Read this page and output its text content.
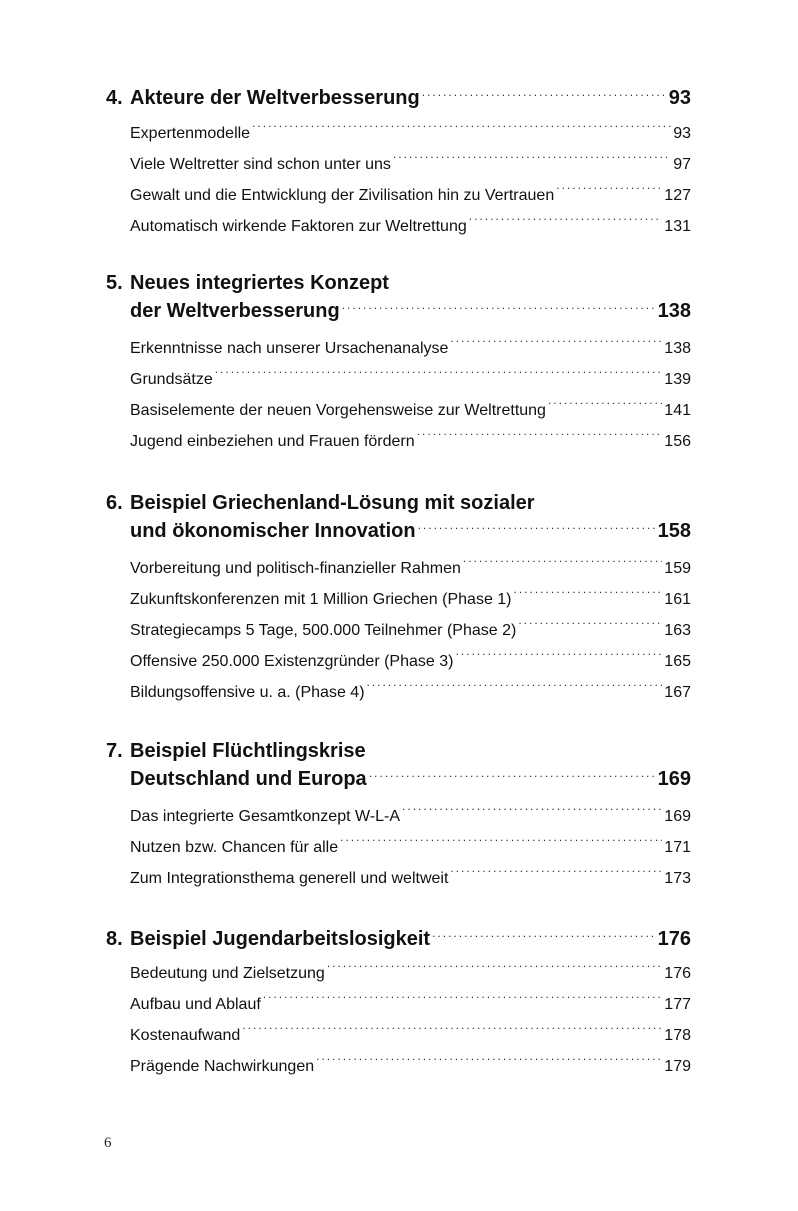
4. Akteure der Weltverbesserung .....	93
Expertenmodelle .....	93
Viele Weltretter sind schon unter uns .....	97
Gewalt und die Entwicklung der Zivilisation hin zu Vertrauen .....	127
Automatisch wirkende Faktoren zur Weltrettung .....	131
5. Neues integriertes Konzept
der Weltverbesserung .....	138
Erkenntnisse nach unserer Ursachenanalyse .....	138
Grundsätze .....	139
Basiselemente der neuen Vorgehensweise zur Weltrettung .....	141
Jugend einbeziehen und Frauen fördern .....	156
6. Beispiel Griechenland-Lösung mit sozialer
und ökonomischer Innovation .....	158
Vorbereitung und politisch-finanzieller Rahmen .....	159
Zukunftskonferenzen mit 1 Million Griechen (Phase 1) .....	161
Strategiecamps 5 Tage, 500.000 Teilnehmer (Phase 2) .....	163
Offensive 250.000 Existenzgründer (Phase 3) .....	165
Bildungsoffensive u. a. (Phase 4) .....	167
7. Beispiel Flüchtlingskrise
Deutschland und Europa .....	169
Das integrierte Gesamtkonzept W-L-A .....	169
Nutzen bzw. Chancen für alle .....	171
Zum Integrationsthema generell und weltweit .....	173
8. Beispiel Jugendarbeitslosigkeit .....	176
Bedeutung und Zielsetzung .....	176
Aufbau und Ablauf .....	177
Kostenaufwand .....	178
Prägende Nachwirkungen .....	179
6
